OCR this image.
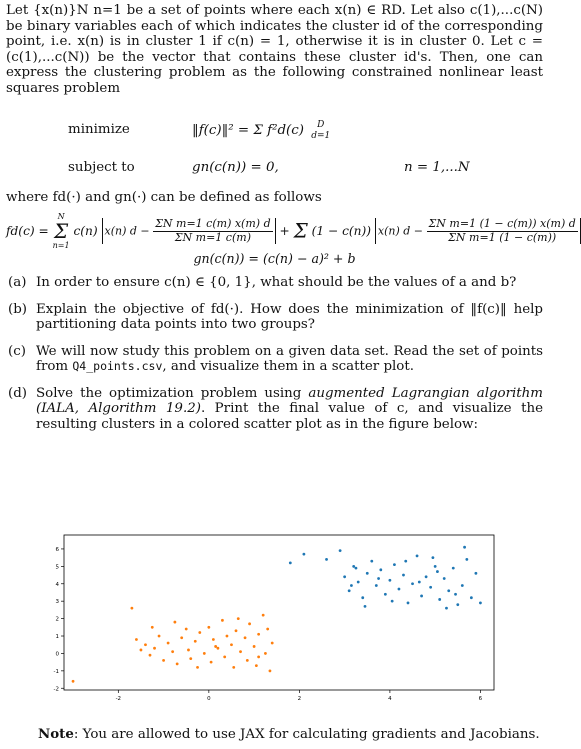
Let {x(n)}N n=1 be a set of points where each x(n) ∈ RD. Let also c(1),...c(N) be binary variables each of which indicates the cluster id of the corresponding point, i.e. x(n) is in cluster 1 if c(n) = 1, otherwise it is in cluster 0. Let c = (c(1),...c(N)) be the vector that contains these cluster id's. Then, one can express the clustering problem as the following constrained nonlinear least squares problem

minimize	‖f(c)‖² = Σ f²d(c)	D
d=1
subject to	gn(c(n)) = 0,	n = 1,...N

where fd(·) and gn(·) can be defined as follows

fd(c) =
N
Σ
n=1
c(n) x(n) $d - \frac{\text{ΣN m=1 c(m) x(m) d}}{\text{ΣN m=1 c(m)}} + \Sigma$ (1 − c(n)) x(n) $d - \frac{\text{ΣN m=1 (1 − c(m)) x(m) d}}{\text{ΣN m=1 (1 − c(m))}}$
gn(c(n)) = (c(n) − a)² + b
(a) In order to ensure c(n) ∈ {0, 1}, what should be the values of a and b?
(b) Explain the objective of fd(·). How does the minimization of ‖f(c)‖ help partitioning data points into two groups?
(c) We will now study this problem on a given data set. Read the set of points from Q4_points.csv, and visualize them in a scatter plot.
(d) Solve the optimization problem using augmented Lagrangian algorithm (IALA, Algorithm 19.2). Print the final value of c, and visualize the resulting clusters in a colored scatter plot as in the figure below:
-2
-1
0
1
2
3
4
5
6
-2	0	2	4	6
Note: You are allowed to use JAX for calculating gradients and Jacobians.
